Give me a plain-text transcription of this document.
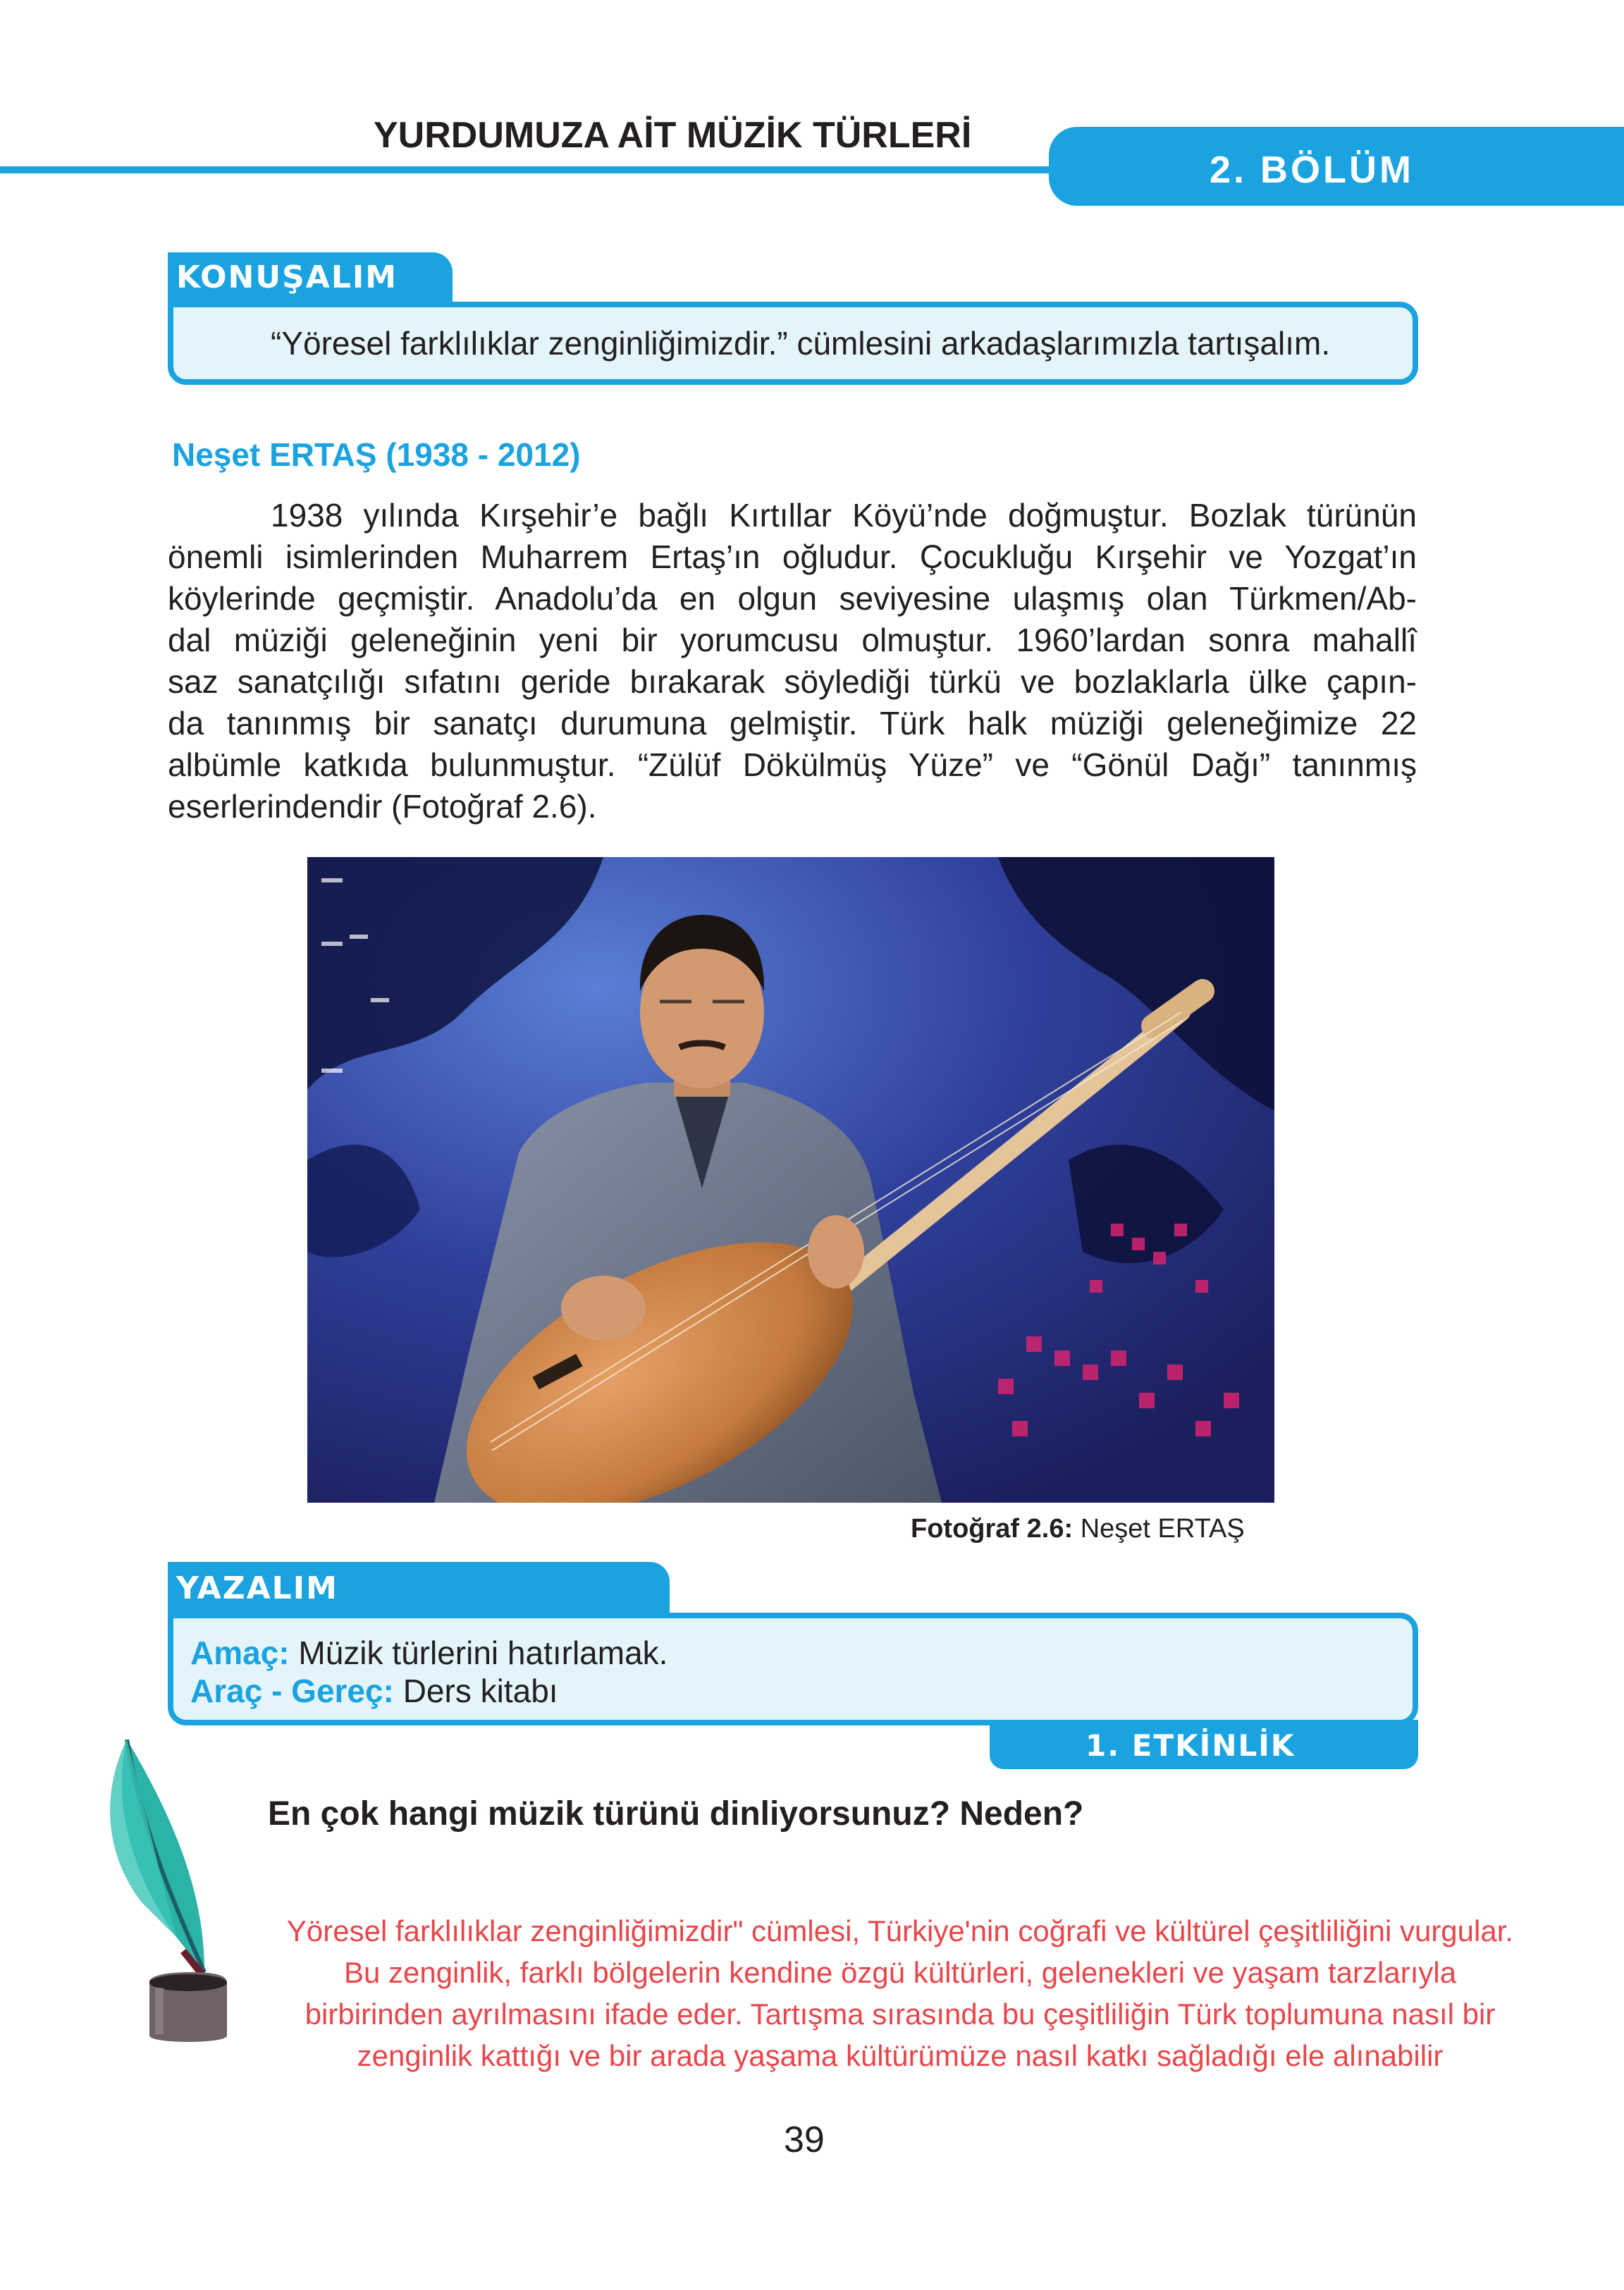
YURDUMUZA AİT MÜZİK TÜRLERİ
2. BÖLÜM
KONUŞALIM
“Yöresel farklılıklar zenginliğimizdir.” cümlesini arkadaşlarımızla tartışalım.
Neşet ERTAŞ (1938 - 2012)
1938 yılında Kırşehir’e bağlı Kırtıllar Köyü’nde doğmuştur. Bozlak türünün
önemli isimlerinden Muharrem Ertaş’ın oğludur. Çocukluğu Kırşehir ve Yozgat’ın
köylerinde geçmiştir. Anadolu’da en olgun seviyesine ulaşmış olan Türkmen/Ab-
dal müziği geleneğinin yeni bir yorumcusu olmuştur. 1960’lardan sonra mahallî
saz sanatçılığı sıfatını geride bırakarak söylediği türkü ve bozlaklarla ülke çapın-
da tanınmış bir sanatçı durumuna gelmiştir. Türk halk müziği geleneğimize 22
albümle katkıda bulunmuştur. “Zülüf Dökülmüş Yüze” ve “Gönül Dağı” tanınmış
eserlerindendir (Fotoğraf 2.6).
Fotoğraf 2.6: Neşet ERTAŞ
YAZALIM
Amaç: Müzik türlerini hatırlamak.
Araç - Gereç: Ders kitabı
1. ETKİNLİK
En çok hangi müzik türünü dinliyorsunuz? Neden?
Yöresel farklılıklar zenginliğimizdir" cümlesi, Türkiye'nin coğrafi ve kültürel çeşitliliğini vurgular.
Bu zenginlik, farklı bölgelerin kendine özgü kültürleri, gelenekleri ve yaşam tarzlarıyla
birbirinden ayrılmasını ifade eder. Tartışma sırasında bu çeşitliliğin Türk toplumuna nasıl bir
zenginlik kattığı ve bir arada yaşama kültürümüze nasıl katkı sağladığı ele alınabilir
39
